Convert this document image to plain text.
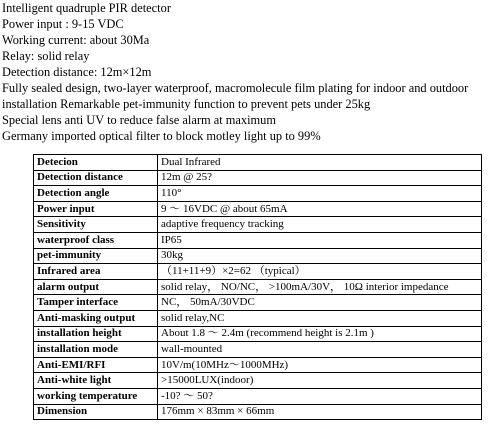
Intelligent quadruple PIR detector
Power input : 9-15 VDC
Working current: about 30Ma
Relay: solid relay
Detection distance: 12m×12m
Fully sealed design, two-layer waterproof, macromolecule film plating for indoor and outdoor
installation Remarkable pet-immunity function to prevent pets under 25kg
Special lens anti UV to reduce false alarm at maximum
Germany imported optical filter to block motley light up to 99%
Detecion	Dual Infrared
Detection distance	12m @ 25?
Detection angle	110°
Power input	9 ～ 16VDC @ about 65mA
Sensitivity	adaptive frequency tracking
waterproof class	IP65
pet-immunity	30kg
Infrared area	（11+11+9）×2=62 （typical）
alarm output	solid relay， NO/NC， >100mA/30V， 10Ω interior impedance
Tamper interface	NC， 50mA/30VDC
Anti-masking output	solid relay,NC
installation height	About 1.8 ～ 2.4m (recommend height is 2.1m )
installation mode	wall-mounted
Anti-EMI/RFI	10V/m(10MHz～1000MHz)
Anti-white light	>15000LUX(indoor)
working temperature	-10? ～ 50?
Dimension	176mm × 83mm × 66mm
